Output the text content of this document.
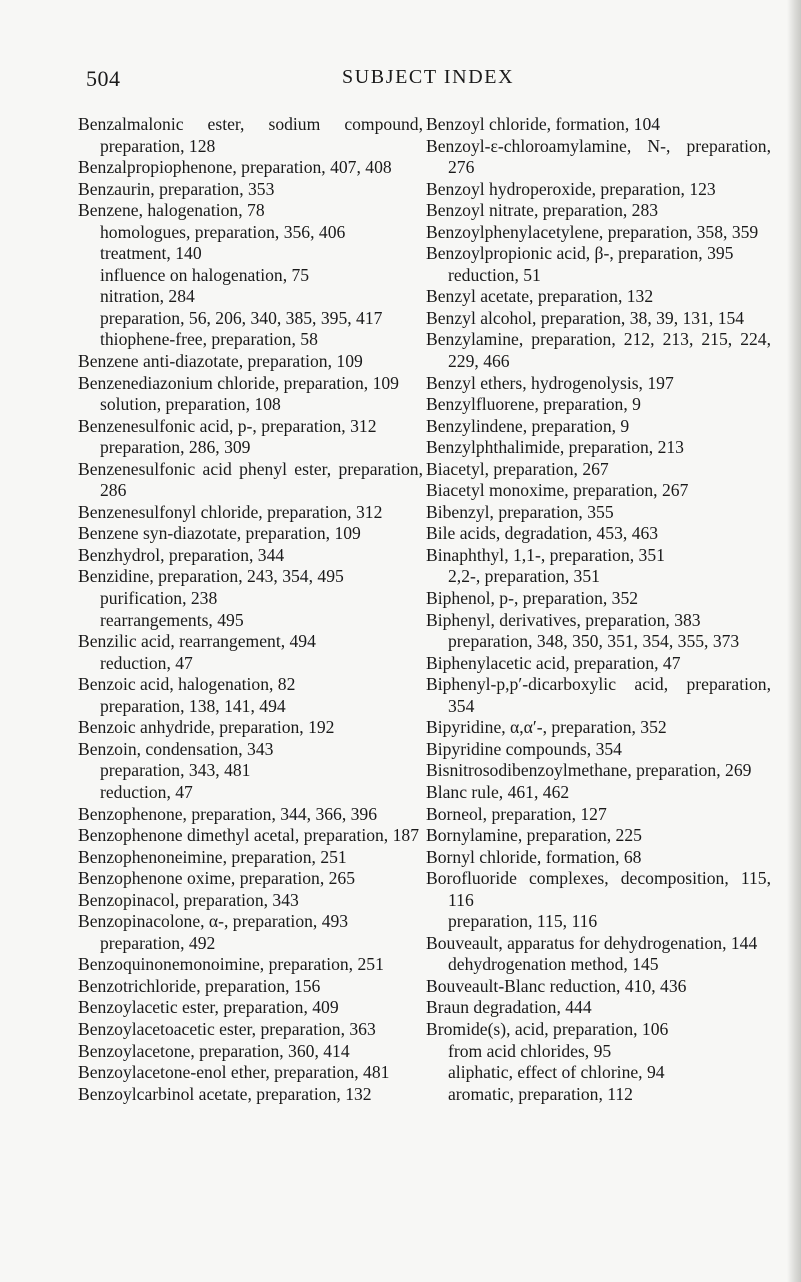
504	SUBJECT INDEX
Benzalmalonic ester, sodium compound, preparation, 128
Benzalpropiophenone, preparation, 407, 408
Benzaurin, preparation, 353
Benzene, halogenation, 78
homologues, preparation, 356, 406
treatment, 140
influence on halogenation, 75
nitration, 284
preparation, 56, 206, 340, 385, 395, 417
thiophene-free, preparation, 58
Benzene anti-diazotate, preparation, 109
Benzenediazonium chloride, preparation, 109
solution, preparation, 108
Benzenesulfonic acid, p-, preparation, 312
preparation, 286, 309
Benzenesulfonic acid phenyl ester, preparation, 286
Benzenesulfonyl chloride, preparation, 312
Benzene syn-diazotate, preparation, 109
Benzhydrol, preparation, 344
Benzidine, preparation, 243, 354, 495
purification, 238
rearrangements, 495
Benzilic acid, rearrangement, 494
reduction, 47
Benzoic acid, halogenation, 82
preparation, 138, 141, 494
Benzoic anhydride, preparation, 192
Benzoin, condensation, 343
preparation, 343, 481
reduction, 47
Benzophenone, preparation, 344, 366, 396
Benzophenone dimethyl acetal, preparation, 187
Benzophenoneimine, preparation, 251
Benzophenone oxime, preparation, 265
Benzopinacol, preparation, 343
Benzopinacolone, α-, preparation, 493
preparation, 492
Benzoquinonemonoimine, preparation, 251
Benzotrichloride, preparation, 156
Benzoylacetic ester, preparation, 409
Benzoylacetoacetic ester, preparation, 363
Benzoylacetone, preparation, 360, 414
Benzoylacetone-enol ether, preparation, 481
Benzoylcarbinol acetate, preparation, 132
Benzoyl chloride, formation, 104
Benzoyl-ε-chloroamylamine, N-, preparation, 276
Benzoyl hydroperoxide, preparation, 123
Benzoyl nitrate, preparation, 283
Benzoylphenylacetylene, preparation, 358, 359
Benzoylpropionic acid, β-, preparation, 395
reduction, 51
Benzyl acetate, preparation, 132
Benzyl alcohol, preparation, 38, 39, 131, 154
Benzylamine, preparation, 212, 213, 215, 224, 229, 466
Benzyl ethers, hydrogenolysis, 197
Benzylfluorene, preparation, 9
Benzylindene, preparation, 9
Benzylphthalimide, preparation, 213
Biacetyl, preparation, 267
Biacetyl monoxime, preparation, 267
Bibenzyl, preparation, 355
Bile acids, degradation, 453, 463
Binaphthyl, 1,1-, preparation, 351
2,2-, preparation, 351
Biphenol, p-, preparation, 352
Biphenyl, derivatives, preparation, 383
preparation, 348, 350, 351, 354, 355, 373
Biphenylacetic acid, preparation, 47
Biphenyl-p,p′-dicarboxylic acid, preparation, 354
Bipyridine, α,α′-, preparation, 352
Bipyridine compounds, 354
Bisnitrosodibenzoylmethane, preparation, 269
Blanc rule, 461, 462
Borneol, preparation, 127
Bornylamine, preparation, 225
Bornyl chloride, formation, 68
Borofluoride complexes, decomposition, 115, 116
preparation, 115, 116
Bouveault, apparatus for dehydrogenation, 144
dehydrogenation method, 145
Bouveault-Blanc reduction, 410, 436
Braun degradation, 444
Bromide(s), acid, preparation, 106
from acid chlorides, 95
aliphatic, effect of chlorine, 94
aromatic, preparation, 112
